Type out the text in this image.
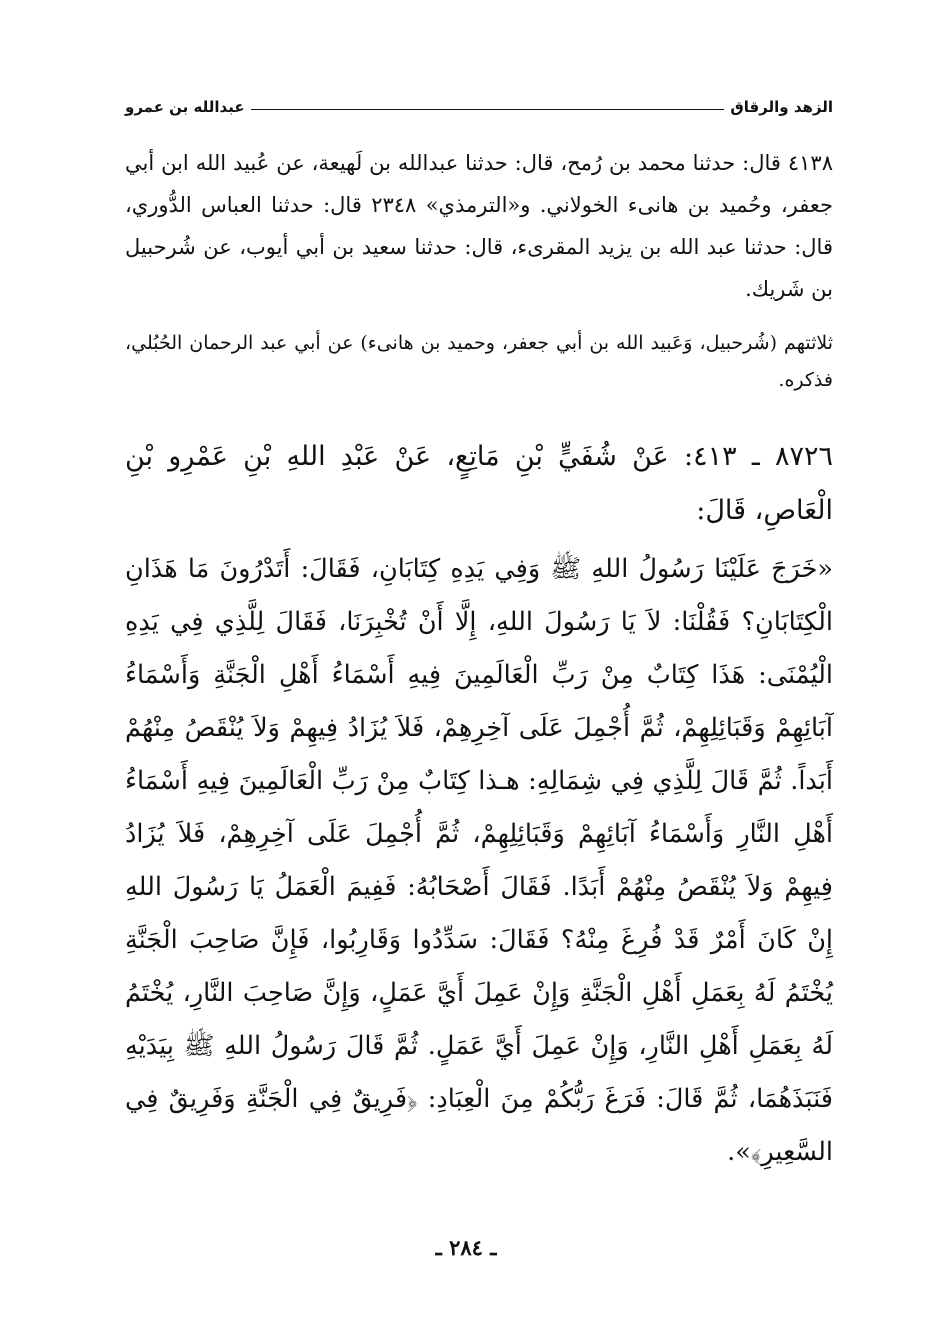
الزهد والرقاق
عبدالله بن عمرو

٤١٣٨ قال: حدثنا محمد بن رُمح، قال: حدثنا عبدالله بن لَهيعة، عن عُبيد الله ابن أبي جعفر، وحُميد بن هانىء الخولاني. و«الترمذي» ٢٣٤٨ قال: حدثنا العباس الدُّوري، قال: حدثنا عبد الله بن يزيد المقرىء، قال: حدثنا سعيد بن أبي أيوب، عن شُرحبيل بن شَريك.

ثلاثتهم (شُرحبيل، وَعَبيد الله بن أبي جعفر، وحميد بن هانىء) عن أبي عبد الرحمان الحُبُلي، فذكره.

٨٧٢٦ ـ ٤١٣: عَنْ شُفَيٍّ بْنِ مَاتِعٍ، عَنْ عَبْدِ اللهِ بْنِ عَمْرِو بْنِ الْعَاصِ، قَالَ:

«خَرَجَ عَلَيْنَا رَسُولُ اللهِ ﷺ وَفِي يَدِهِ كِتَابَانِ، فَقَالَ: أَتَدْرُونَ مَا هَذَانِ الْكِتَابَانِ؟ فَقُلْنَا: لاَ يَا رَسُولَ اللهِ، إِلَّا أَنْ تُخْبِرَنَا، فَقَالَ لِلَّذِي فِي يَدِهِ الْيُمْنَى: هَذَا كِتَابٌ مِنْ رَبِّ الْعَالَمِينَ فِيهِ أَسْمَاءُ أَهْلِ الْجَنَّةِ وَأَسْمَاءُ آبَائِهِمْ وَقَبَائِلِهِمْ، ثُمَّ أُجْمِلَ عَلَى آخِرِهِمْ، فَلاَ يُزَادُ فِيهِمْ وَلاَ يُنْقَصُ مِنْهُمْ أَبَداً. ثُمَّ قَالَ لِلَّذِي فِي شِمَالِهِ: هـذا كِتَابٌ مِنْ رَبِّ الْعَالَمِينَ فِيهِ أَسْمَاءُ أَهْلِ النَّارِ وَأَسْمَاءُ آبَائِهِمْ وَقَبَائِلِهِمْ، ثُمَّ أُجْمِلَ عَلَى آخِرِهِمْ، فَلاَ يُزَادُ فِيهِمْ وَلاَ يُنْقَصُ مِنْهُمْ أَبَدًا. فَقَالَ أَصْحَابُهُ: فَفِيمَ الْعَمَلُ يَا رَسُولَ اللهِ إِنْ كَانَ أَمْرٌ قَدْ فُرِغَ مِنْهُ؟ فَقَالَ: سَدِّدُوا وَقَارِبُوا، فَإِنَّ صَاحِبَ الْجَنَّةِ يُخْتَمُ لَهُ بِعَمَلِ أَهْلِ الْجَنَّةِ وَإِنْ عَمِلَ أَيَّ عَمَلٍ، وَإِنَّ صَاحِبَ النَّارِ، يُخْتَمُ لَهُ بِعَمَلِ أَهْلِ النَّارِ، وَإِنْ عَمِلَ أَيَّ عَمَلٍ. ثُمَّ قَالَ رَسُولُ اللهِ ﷺ بِيَدَيْهِ فَنَبَذَهُمَا، ثُمَّ قَالَ: فَرَغَ رَبُّكُمْ مِنَ الْعِبَادِ: ﴿فَرِيقٌ فِي الْجَنَّةِ وَفَرِيقٌ فِي السَّعِيرِ﴾».

ـ ٢٨٤ ـ
